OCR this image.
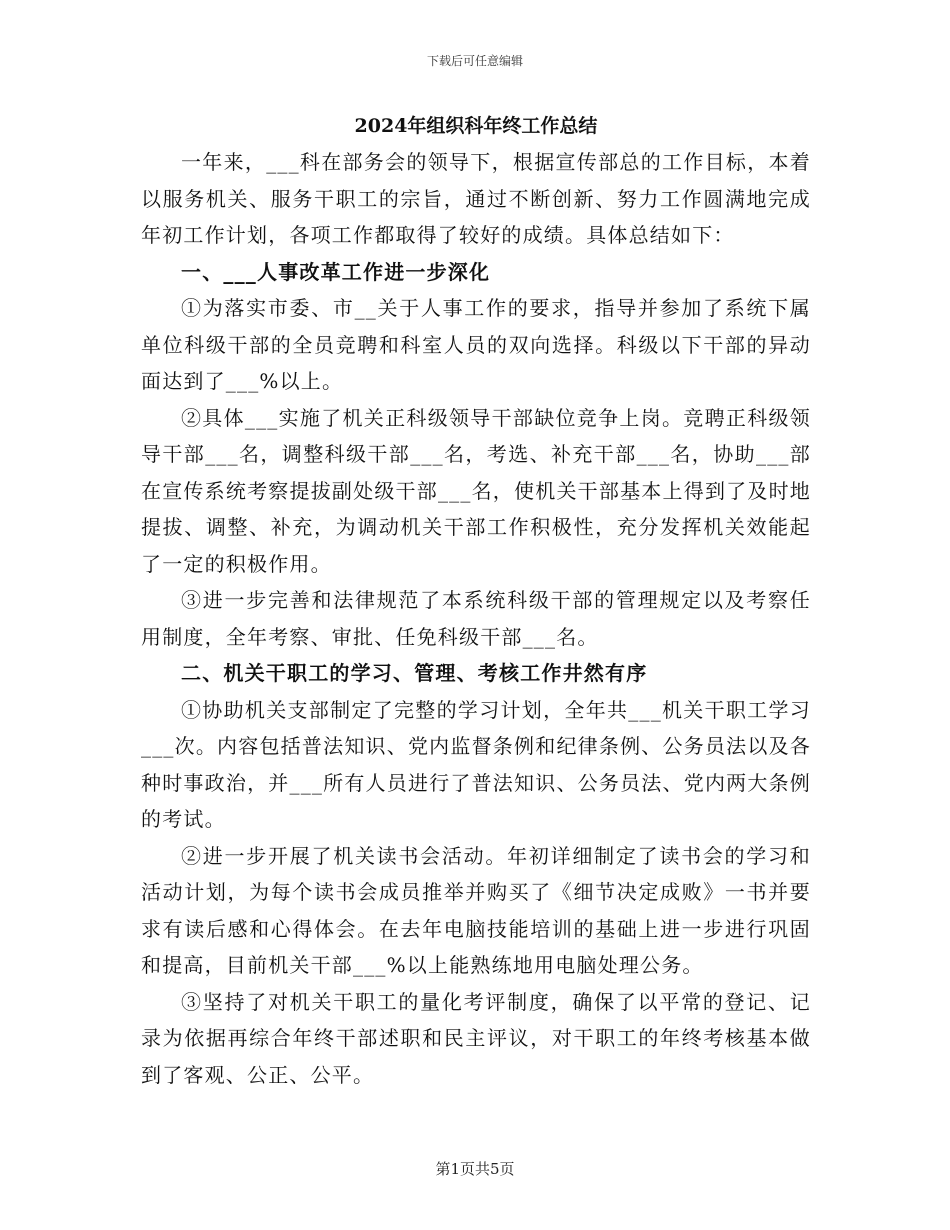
下载后可任意编辑
2024年组织科年终工作总结

一年来，___科在部务会的领导下，根据宣传部总的工作目标，本着以服务机关、服务干职工的宗旨，通过不断创新、努力工作圆满地完成年初工作计划，各项工作都取得了较好的成绩。具体总结如下：

一、___人事改革工作进一步深化

①为落实市委、市__关于人事工作的要求，指导并参加了系统下属单位科级干部的全员竞聘和科室人员的双向选择。科级以下干部的异动面达到了___%以上。

②具体___实施了机关正科级领导干部缺位竞争上岗。竞聘正科级领导干部___名，调整科级干部___名，考选、补充干部___名，协助___部在宣传系统考察提拔副处级干部___名，使机关干部基本上得到了及时地提拔、调整、补充，为调动机关干部工作积极性，充分发挥机关效能起了一定的积极作用。

③进一步完善和法律规范了本系统科级干部的管理规定以及考察任用制度，全年考察、审批、任免科级干部___名。

二、机关干职工的学习、管理、考核工作井然有序

①协助机关支部制定了完整的学习计划，全年共___机关干职工学习___次。内容包括普法知识、党内监督条例和纪律条例、公务员法以及各种时事政治，并___所有人员进行了普法知识、公务员法、党内两大条例的考试。

②进一步开展了机关读书会活动。年初详细制定了读书会的学习和活动计划，为每个读书会成员推举并购买了《细节决定成败》一书并要求有读后感和心得体会。在去年电脑技能培训的基础上进一步进行巩固和提高，目前机关干部___%以上能熟练地用电脑处理公务。

③坚持了对机关干职工的量化考评制度，确保了以平常的登记、记录为依据再综合年终干部述职和民主评议，对干职工的年终考核基本做到了客观、公正、公平。

第1页共5页
